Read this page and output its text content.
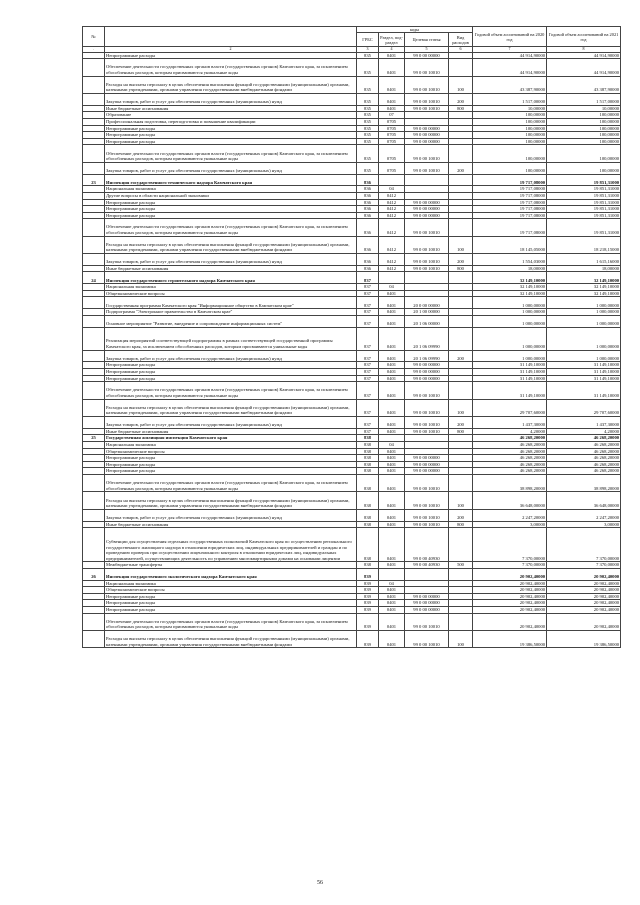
№		коды				Годовой объем ассигнований на 2020 год	Годовой объем ассигнований на 2021 год
		ГРБС	Раздел, под-раздел	Целевая статья	Вид расходов		
.	2	3	4	5	6	7	8
	Непрограммные расходы	835	0401	99 0 00 00000		44 914,90000	44 914,90000
	Обеспечение деятельности государственных органов власти (государственных органов) Камчатского края, за исключением обособленных расходов, которым присваиваются уникальные коды	835	0401	99 0 00 10010		44 914,90000	44 914,90000
	Расходы на выплаты персоналу в целях обеспечения выполнения функций государственными (муниципальными) органами, казенными учреждениями, органами управления государственными внебюджетными фондами	835	0401	99 0 00 10010	100	43 387,90000	43 387,90000
	Закупка товаров, работ и услуг для обеспечения государственных (муниципальных) нужд	835	0401	99 0 00 10010	200	1 517,00000	1 517,00000
	Иные бюджетные ассигнования	835	0401	99 0 00 10010	800	10,00000	10,00000
	Образование	835	07			100,00000	100,00000
	Профессиональная подготовка, переподготовка и повышение квалификации	835	0705			100,00000	100,00000
	Непрограммные расходы	835	0705	99 0 00 00000		100,00000	100,00000
	Непрограммные расходы	835	0705	99 0 00 00000		100,00000	100,00000
	Непрограммные расходы	835	0705	99 0 00 00000		100,00000	100,00000
	Обеспечение деятельности государственных органов власти (государственных органов) Камчатского края, за исключением обособленных расходов, которым присваиваются уникальные коды	835	0705	99 0 00 10010		100,00000	100,00000
	Закупка товаров, работ и услуг для обеспечения государственных (муниципальных) нужд	835	0705	99 0 00 10010	200	100,00000	100,00000
23	Инспекция государственного технического надзора Камчатского края	836				19 717,08000	19 851,31000
	Национальная экономика	836	04			19 717,08000	19 851,31000
	Другие вопросы в области национальной экономики	836	0412			19 717,08000	19 851,31000
	Непрограммные расходы	836	0412	99 0 00 00000		19 717,08000	19 851,31000
	Непрограммные расходы	836	0412	99 0 00 00000		19 717,08000	19 851,31000
	Непрограммные расходы	836	0412	99 0 00 00000		19 717,08000	19 851,31000
	Обеспечение деятельности государственных органов власти (государственных органов) Камчатского края, за исключением обособленных расходов, которым присваиваются уникальные коды	836	0412	99 0 00 10010		19 717,08000	19 851,31000
	Расходы на выплаты персоналу в целях обеспечения выполнения функций государственными (муниципальными) органами, казенными учреждениями, органами управления государственными внебюджетными фондами	836	0412	99 0 00 10010	100	18 145,05000	18 218,15000
	Закупка товаров, работ и услуг для обеспечения государственных (муниципальных) нужд	836	0412	99 0 00 10010	200	1 554,03000	1 615,16000
	Иные бюджетные ассигнования	836	0412	99 0 00 10010	800	18,00000	18,00000
24	Инспекция государственного строительного надзора Камчатского края	837				32 149,10000	32 149,10000
	Национальная экономика	837	04			32 149,10000	32 149,10000
	Общеэкономические вопросы	837	0401			32 149,10000	32 149,10000
	Государственная программа Камчатского края "Информационное общество в Камчатском крае"	837	0401	20 0 00 00000		1 000,00000	1 000,00000
	Подпрограмма "Электронное правительство в Камчатском крае"	837	0401	20 1 00 00000		1 000,00000	1 000,00000
	Основное мероприятие "Развитие, внедрение и сопровождение информационных систем"	837	0401	20 1 06 00000		1 000,00000	1 000,00000
	Реализация мероприятий соответствующей подпрограммы в рамках соответствующей государственной программы Камчатского края, за исключением обособленных расходов, которым присваиваются уникальные коды	837	0401	20 1 06 09990		1 000,00000	1 000,00000
	Закупка товаров, работ и услуг для обеспечения государственных (муниципальных) нужд	837	0401	20 1 06 09990	200	1 000,00000	1 000,00000
	Непрограммные расходы	837	0401	99 0 00 00000		31 149,10000	31 149,10000
	Непрограммные расходы	837	0401	99 0 00 00000		31 149,10000	31 149,10000
	Непрограммные расходы	837	0401	99 0 00 00000		31 149,10000	31 149,10000
	Обеспечение деятельности государственных органов власти (государственных органов) Камчатского края, за исключением обособленных расходов, которым присваиваются уникальные коды	837	0401	99 0 00 10010		31 149,10000	31 149,10000
	Расходы на выплаты персоналу в целях обеспечения выполнения функций государственными (муниципальными) органами, казенными учреждениями, органами управления государственными внебюджетными фондами	837	0401	99 0 00 10010	100	29 707,60000	29 707,60000
	Закупка товаров, работ и услуг для обеспечения государственных (муниципальных) нужд	837	0401	99 0 00 10010	200	1 437,30000	1 437,30000
	Иные бюджетные ассигнования	837	0401	99 0 00 10010	800	4,20000	4,20000
25	Государственная жилищная инспекция Камчатского края	838				46 268,20000	46 268,20000
	Национальная экономика	838	04			46 268,20000	46 268,20000
	Общеэкономические вопросы	838	0401			46 268,20000	46 268,20000
	Непрограммные расходы	838	0401	99 0 00 00000		46 268,20000	46 268,20000
	Непрограммные расходы	838	0401	99 0 00 00000		46 268,20000	46 268,20000
	Непрограммные расходы	838	0401	99 0 00 00000		46 268,20000	46 268,20000
	Обеспечение деятельности государственных органов власти (государственных органов) Камчатского края, за исключением обособленных расходов, которым присваиваются уникальные коды	838	0401	99 0 00 10010		38 898,20000	38 898,20000
	Расходы на выплаты персоналу в целях обеспечения выполнения функций государственными (муниципальными) органами, казенными учреждениями, органами управления государственными внебюджетными фондами	838	0401	99 0 00 10010	100	36 648,00000	36 648,00000
	Закупка товаров, работ и услуг для обеспечения государственных (муниципальных) нужд	838	0401	99 0 00 10010	200	2 247,20000	2 247,20000
	Иные бюджетные ассигнования	838	0401	99 0 00 10010	800	3,00000	3,00000
	Субвенции для осуществления отдельных государственных полномочий Камчатского края по осуществлению регионального государственного жилищного надзора в отношении юридических лиц, индивидуальных предпринимателей и граждан и по проведению проверок при осуществлении лицензионного контроля в отношении юридических лиц, индивидуальных предпринимателей, осуществляющих деятельность по управлению многоквартирными домами на основании лицензии	838	0401	99 0 00 40930		7 370,00000	7 370,00000
	Межбюджетные трансферты	838	0401	99 0 00 40930	500	7 370,00000	7 370,00000
26	Инспекция государственного экологического надзора Камчатского края	839				20 902,40000	20 902,40000
	Национальная экономика	839	04			20 902,40000	20 902,40000
	Общеэкономические вопросы	839	0401			20 902,40000	20 902,40000
	Непрограммные расходы	839	0401	99 0 00 00000		20 902,40000	20 902,40000
	Непрограммные расходы	839	0401	99 0 00 00000		20 902,40000	20 902,40000
	Непрограммные расходы	839	0401	99 0 00 00000		20 902,40000	20 902,40000
	Обеспечение деятельности государственных органов власти (государственных органов) Камчатского края, за исключением обособленных расходов, которым присваиваются уникальные коды	839	0401	99 0 00 10010		20 902,40000	20 902,40000
	Расходы на выплаты персоналу в целях обеспечения выполнения функций государственными (муниципальными) органами, казенными учреждениями, органами управления государственными внебюджетными фондами	839	0401	99 0 00 10010	100	19 386,50000	19 386,50000
56
